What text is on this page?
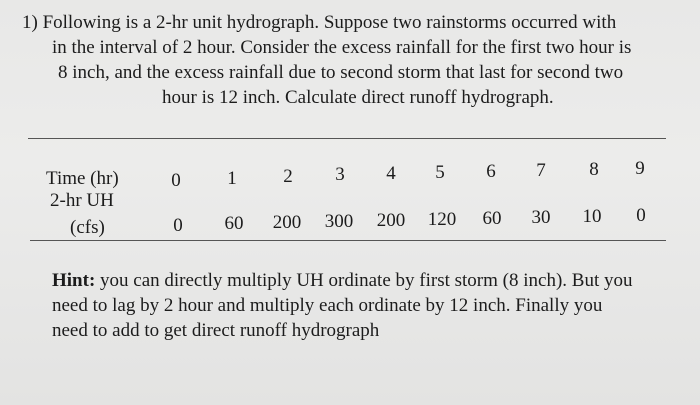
1) Following is a 2-hr unit hydrograph. Suppose two rainstorms occurred with
in the interval of 2 hour. Consider the excess rainfall for the first two hour is
8 inch, and the excess rainfall due to second storm that last for second two
hour is 12 inch. Calculate direct runoff hydrograph.
Time (hr)
2-hr UH
(cfs)
0 1 2 3 4 5 6 7 8 9
0 60 200 300 200 120 60 30 10 0
Hint: you can directly multiply UH ordinate by first storm (8 inch). But you
need to lag by 2 hour and multiply each ordinate by 12 inch. Finally you
need to add to get direct runoff hydrograph
